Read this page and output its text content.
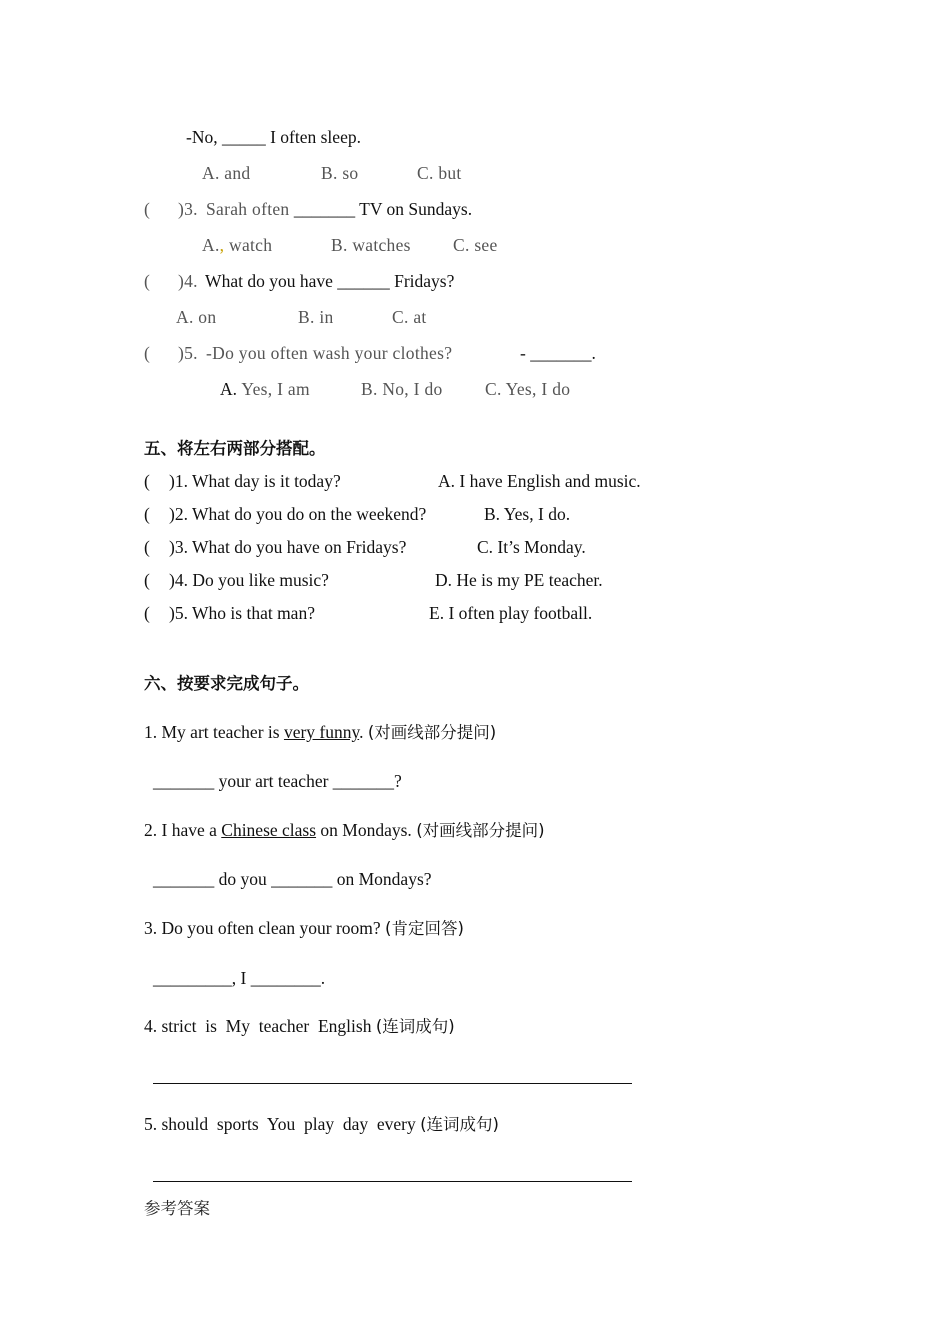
-No, _____ I often sleep.
A. and	B. so	C. but
( )3. Sarah often _______ TV on Sundays.
A., watch	B. watches C. see
( )4. What do you have ______ Fridays?
A. on	B. in	C. at
( )5. -Do you often wash your clothes?	- _______.
A. Yes, I am	B. No, I do C. Yes, I do
五、将左右两部分搭配。
( )1. What day is it today?	A. I have English and music.
( )2. What do you do on the weekend?	B. Yes, I do.
( )3. What do you have on Fridays?	C. It’s Monday.
( )4. Do you like music?	D. He is my PE teacher.
( )5. Who is that man?	E. I often play football.
六、按要求完成句子。
1. My art teacher is very funny. (对画线部分提问)
_______ your art teacher _______?
2. I have a Chinese class on Mondays. (对画线部分提问)
_______ do you _______ on Mondays?
3. Do you often clean your room? (肯定回答)
_________, I ________.
4. strict  is  My  teacher  English (连词成句)
5. should  sports  You  play  day  every (连词成句)
参考答案
